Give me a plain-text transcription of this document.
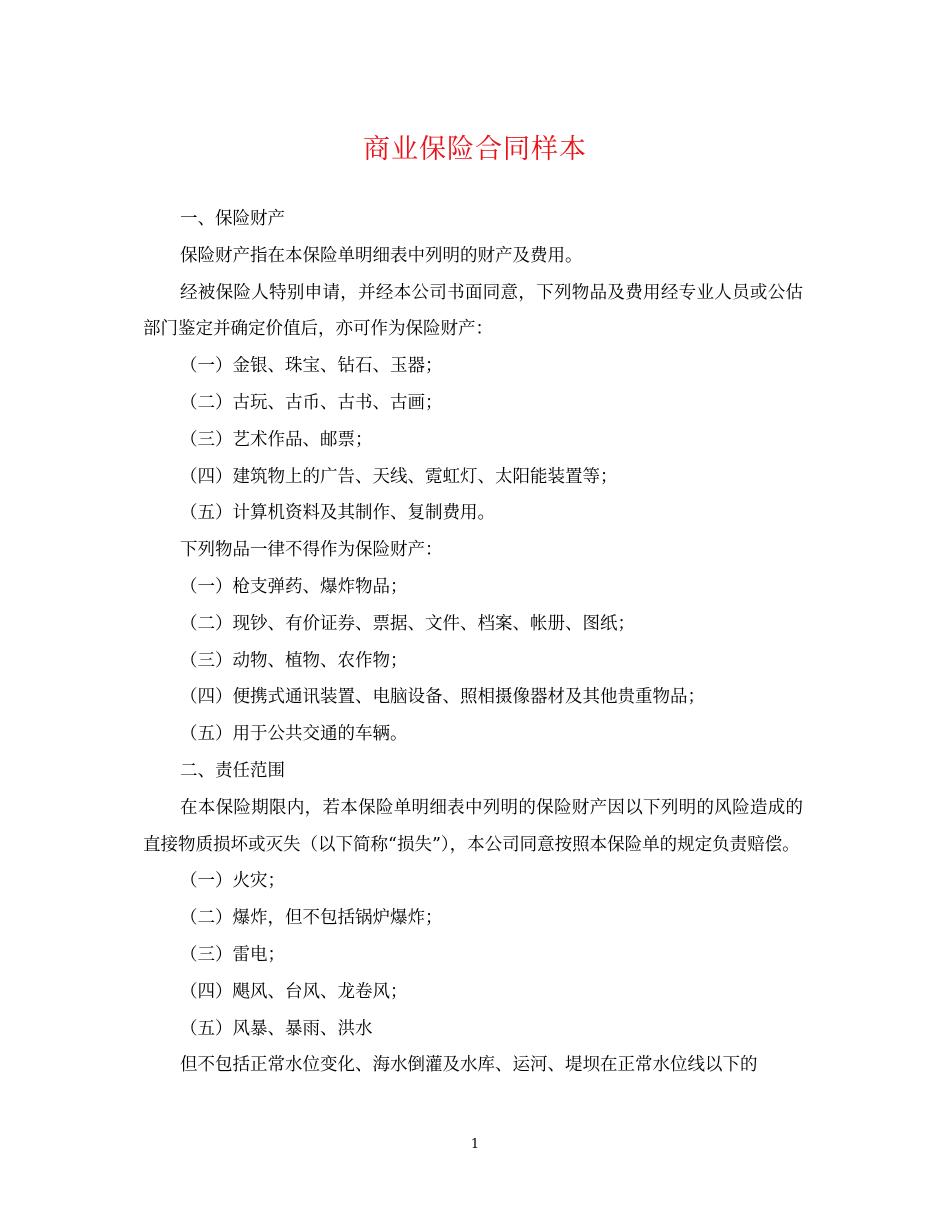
商业保险合同样本

一、保险财产

保险财产指在本保险单明细表中列明的财产及费用。

经被保险人特别申请，并经本公司书面同意，下列物品及费用经专业人员或公估部门鉴定并确定价值后，亦可作为保险财产：

（一）金银、珠宝、钻石、玉器；

（二）古玩、古币、古书、古画；

（三）艺术作品、邮票；

（四）建筑物上的广告、天线、霓虹灯、太阳能装置等；

（五）计算机资料及其制作、复制费用。

下列物品一律不得作为保险财产：

（一）枪支弹药、爆炸物品；

（二）现钞、有价证券、票据、文件、档案、帐册、图纸；

（三）动物、植物、农作物；

（四）便携式通讯装置、电脑设备、照相摄像器材及其他贵重物品；

（五）用于公共交通的车辆。

二、责任范围

在本保险期限内，若本保险单明细表中列明的保险财产因以下列明的风险造成的直接物质损坏或灭失（以下简称“损失”），本公司同意按照本保险单的规定负责赔偿。

（一）火灾；

（二）爆炸，但不包括锅炉爆炸；

（三）雷电；

（四）飓风、台风、龙卷风；

（五）风暴、暴雨、洪水

但不包括正常水位变化、海水倒灌及水库、运河、堤坝在正常水位线以下的

1
